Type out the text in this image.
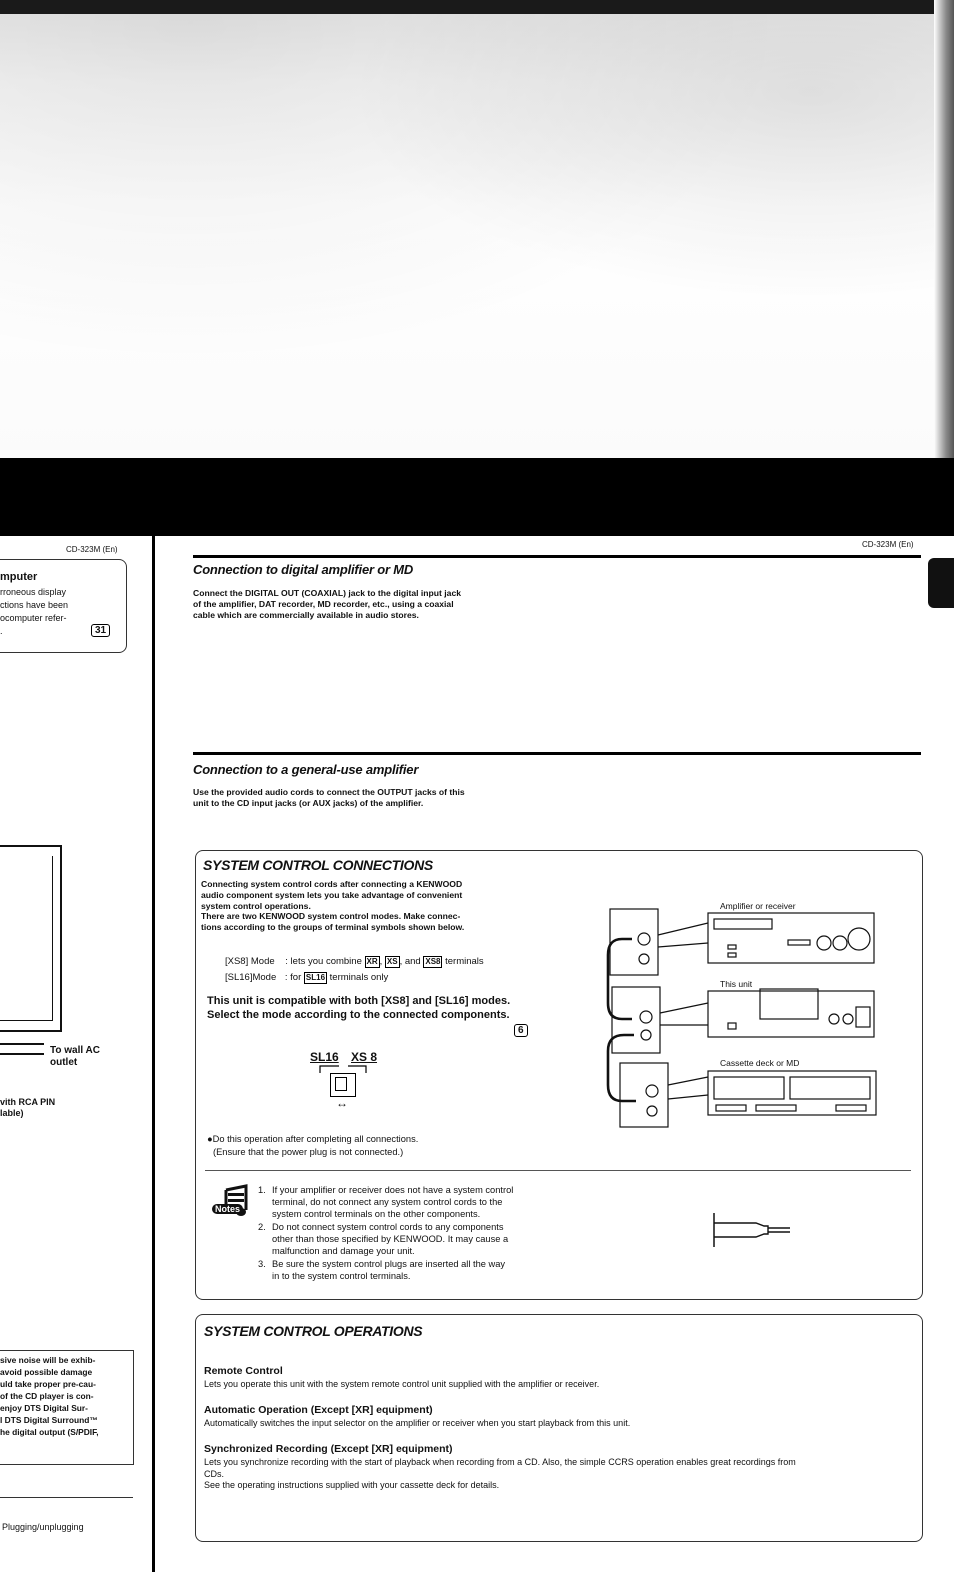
CD-323M (En)
mputer
rroneous display
ctions have been
ocomputer refer-
.	31
To wall AC
outlet
vith RCA PIN
lable)
sive noise will be exhib-
avoid possible damage
uld take proper pre-cau-
of the CD player is con-
enjoy DTS Digital Sur-
l DTS Digital Surround™
he digital output (S/PDIF,
Plugging/unplugging
CD-323M (En)
Connection to digital amplifier or MD
Connect the DIGITAL OUT (COAXIAL) jack to the digital input jack
of the amplifier, DAT recorder, MD recorder, etc., using a coaxial
cable which are commercially available in audio stores.
Connection to a general-use amplifier
Use the provided audio cords to connect the OUTPUT jacks of this
unit to the CD input jacks (or AUX jacks) of the amplifier.
SYSTEM CONTROL CONNECTIONS
Connecting system control cords after connecting a KENWOOD
audio component system lets you take advantage of convenient
system control operations.
There are two KENWOOD system control modes. Make connec-
tions according to the groups of terminal symbols shown below.
[XS8] Mode : lets you combine XR , XS , and XS8 terminals
[SL16]Mode : for SL16 terminals only
This unit is compatible with both [XS8] and [SL16] modes.
Select the mode according to the connected components.
6
SL16 XS 8
↔
●Do this operation after completing all connections.
(Ensure that the power plug is not connected.)
Amplifier or receiver
This unit
Cassette deck or MD
Notes
1. If your amplifier or receiver does not have a system control
terminal, do not connect any system control cords to the
system control terminals on the other components.
2. Do not connect system control cords to any components
other than those specified by KENWOOD. It may cause a
malfunction and damage your unit.
3. Be sure the system control plugs are inserted all the way
in to the system control terminals.
SYSTEM CONTROL OPERATIONS
Remote Control
Lets you operate this unit with the system remote control unit supplied with the amplifier or receiver.
Automatic Operation (Except [XR] equipment)
Automatically switches the input selector on the amplifier or receiver when you start playback from this unit.
Synchronized Recording (Except [XR] equipment)
Lets you synchronize recording with the start of playback when recording from a CD. Also, the simple CCRS operation enables great recordings from
CDs.
See the operating instructions supplied with your cassette deck for details.
